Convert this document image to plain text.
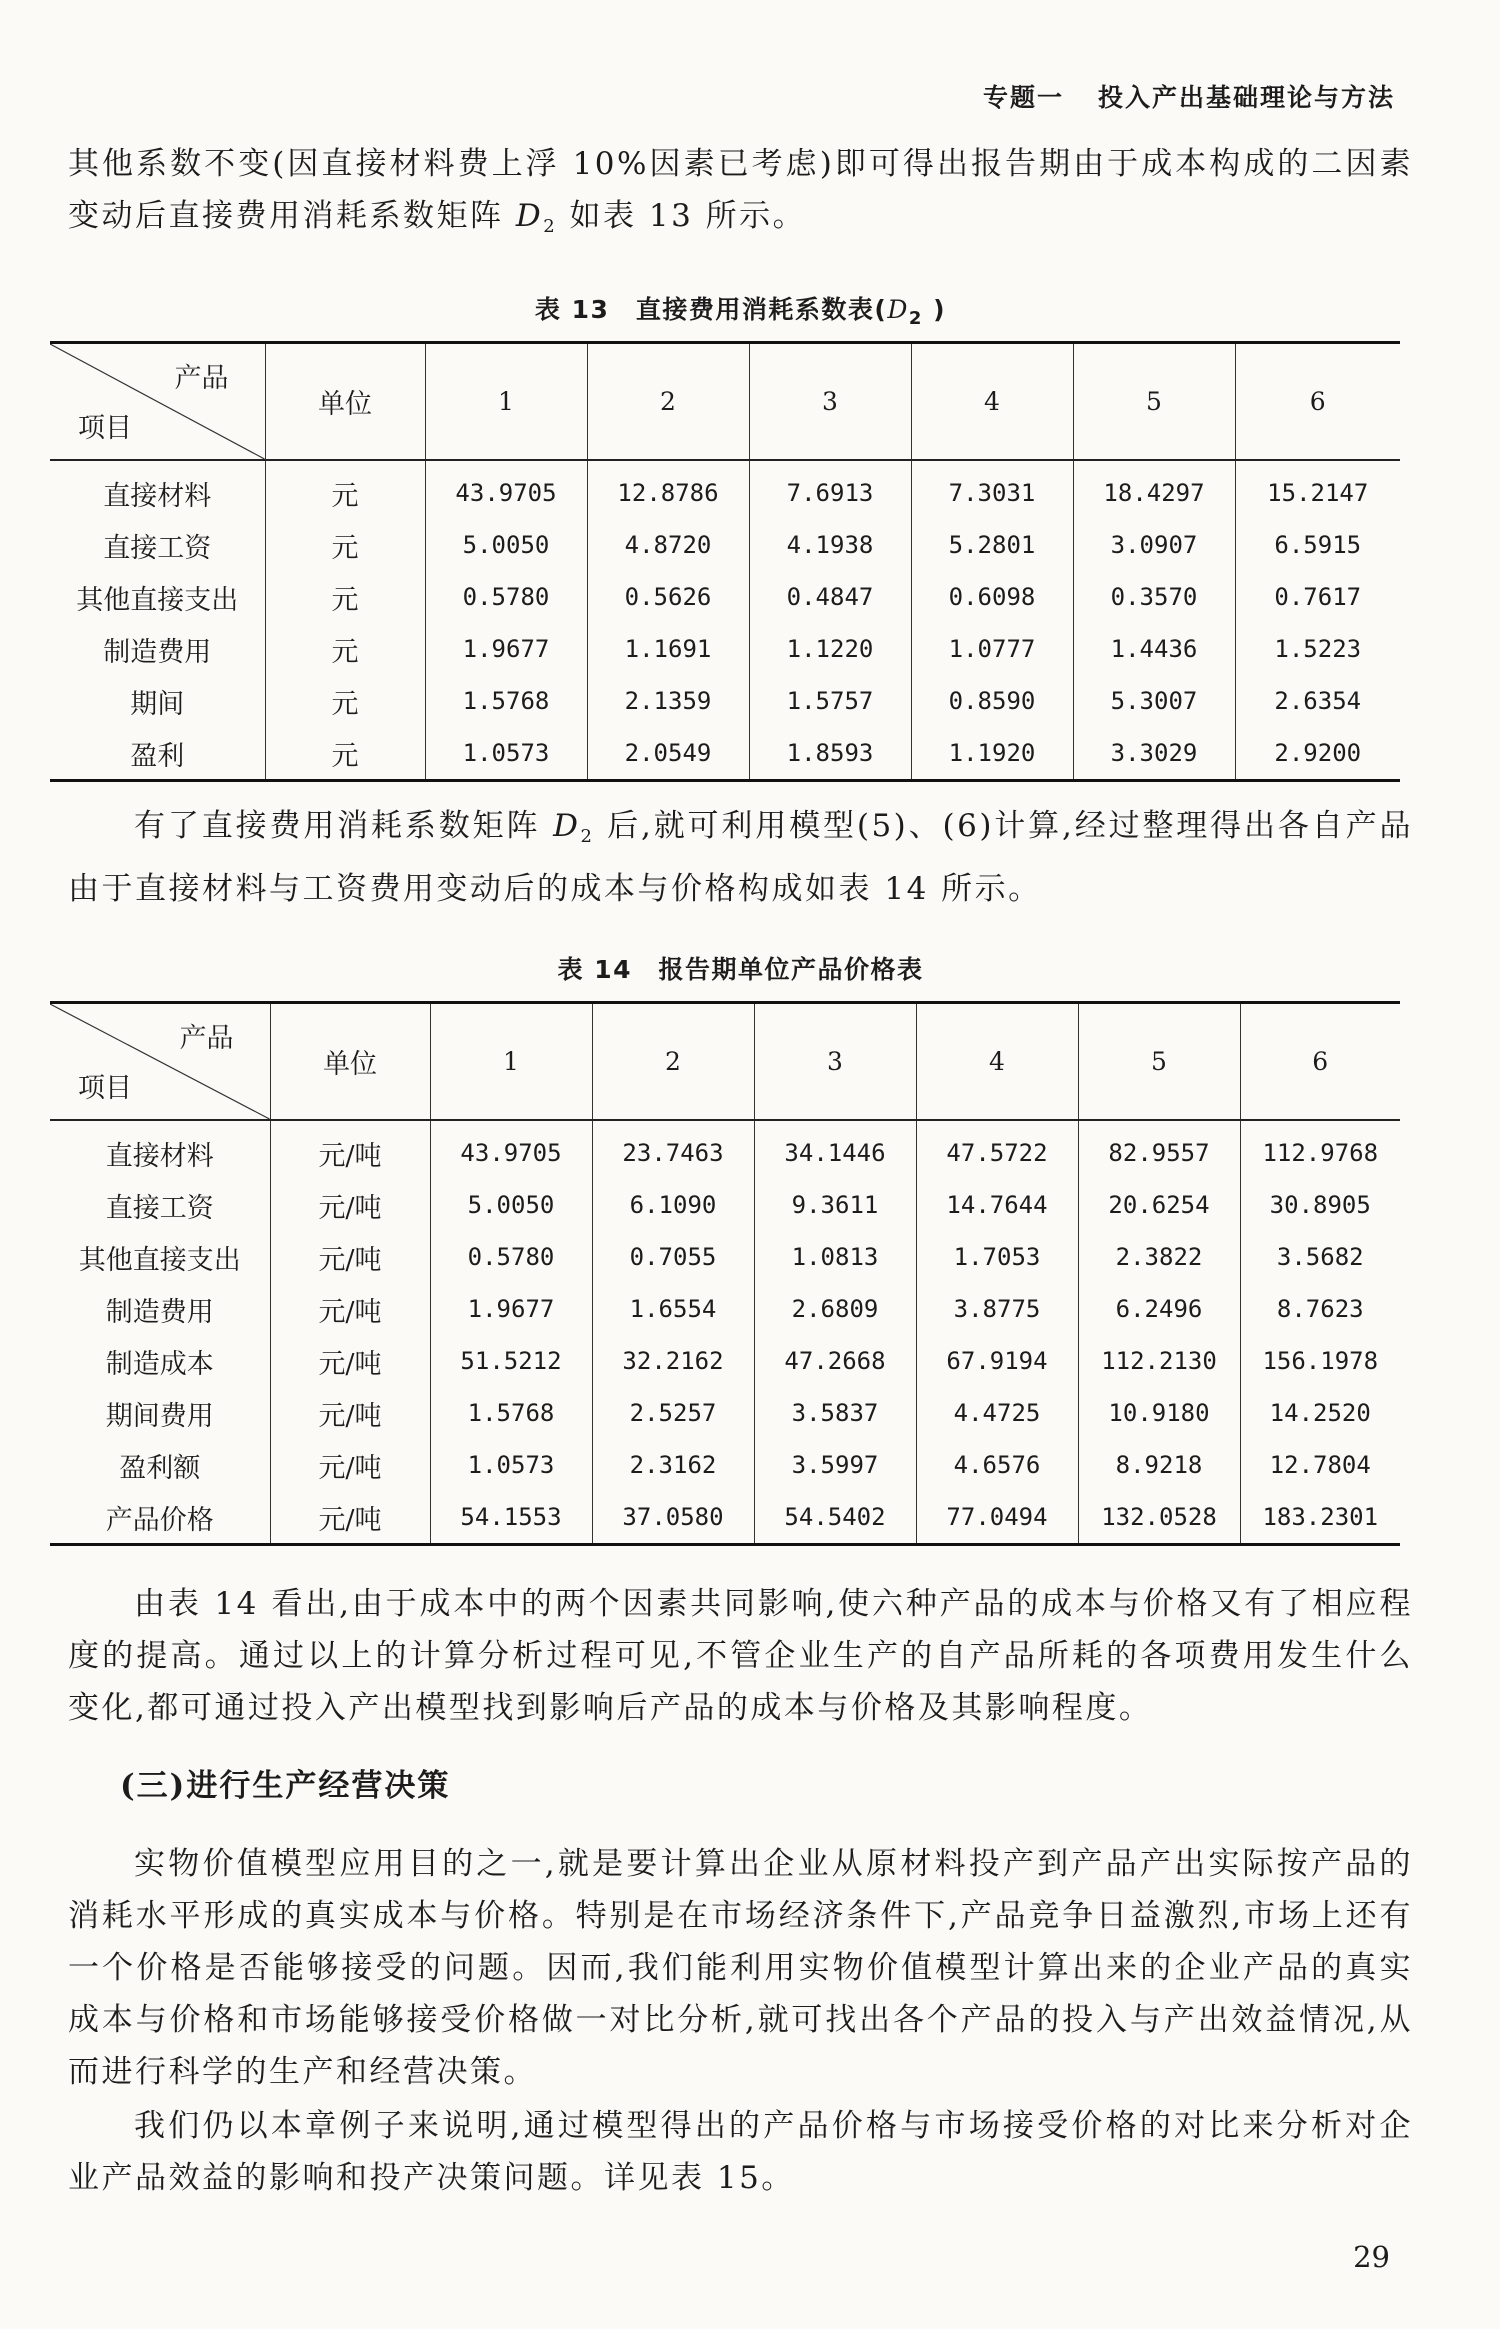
专题一 投入产出基础理论与方法

其他系数不变(因直接材料费上浮 10%因素已考虑)即可得出报告期由于成本构成的二因素变动后直接费用消耗系数矩阵 $D_2$ 如表 13 所示。

表 13　直接费用消耗系数表($D_2$ )
产品
项目	单位	1	2	3	4	5	6
直接材料	元	43.9705	12.8786	7.6913	7.3031	18.4297	15.2147
直接工资	元	5.0050	4.8720	4.1938	5.2801	3.0907	6.5915
其他直接支出	元	0.5780	0.5626	0.4847	0.6098	0.3570	0.7617
制造费用	元	1.9677	1.1691	1.1220	1.0777	1.4436	1.5223
期间	元	1.5768	2.1359	1.5757	0.8590	5.3007	2.6354
盈利	元	1.0573	2.0549	1.8593	1.1920	3.3029	2.9200

有了直接费用消耗系数矩阵 $D_2$ 后,就可利用模型(5)、(6)计算,经过整理得出各自产品由于直接材料与工资费用变动后的成本与价格构成如表 14 所示。

表 14　报告期单位产品价格表
产品
项目	单位	1	2	3	4	5	6
直接材料	元/吨	43.9705	23.7463	34.1446	47.5722	82.9557	112.9768
直接工资	元/吨	5.0050	6.1090	9.3611	14.7644	20.6254	30.8905
其他直接支出	元/吨	0.5780	0.7055	1.0813	1.7053	2.3822	3.5682
制造费用	元/吨	1.9677	1.6554	2.6809	3.8775	6.2496	8.7623
制造成本	元/吨	51.5212	32.2162	47.2668	67.9194	112.2130	156.1978
期间费用	元/吨	1.5768	2.5257	3.5837	4.4725	10.9180	14.2520
盈利额	元/吨	1.0573	2.3162	3.5997	4.6576	8.9218	12.7804
产品价格	元/吨	54.1553	37.0580	54.5402	77.0494	132.0528	183.2301

由表 14 看出,由于成本中的两个因素共同影响,使六种产品的成本与价格又有了相应程度的提高。通过以上的计算分析过程可见,不管企业生产的自产品所耗的各项费用发生什么变化,都可通过投入产出模型找到影响后产品的成本与价格及其影响程度。

(三)进行生产经营决策

实物价值模型应用目的之一,就是要计算出企业从原材料投产到产品产出实际按产品的消耗水平形成的真实成本与价格。特别是在市场经济条件下,产品竞争日益激烈,市场上还有一个价格是否能够接受的问题。因而,我们能利用实物价值模型计算出来的企业产品的真实成本与价格和市场能够接受价格做一对比分析,就可找出各个产品的投入与产出效益情况,从而进行科学的生产和经营决策。

我们仍以本章例子来说明,通过模型得出的产品价格与市场接受价格的对比来分析对企业产品效益的影响和投产决策问题。详见表 15。

29
